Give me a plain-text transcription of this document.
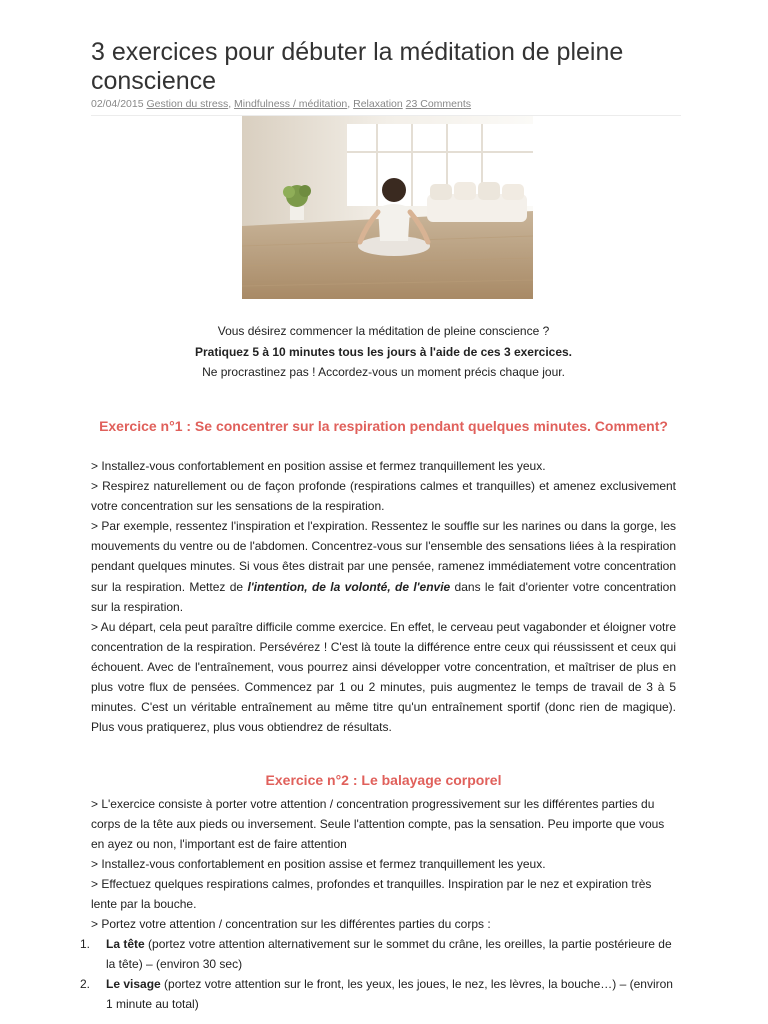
3 exercices pour débuter la méditation de pleine conscience
02/04/2015 Gestion du stress, Mindfulness / méditation, Relaxation 23 Comments

Vous désirez commencer la méditation de pleine conscience ?

Pratiquez 5 à 10 minutes tous les jours à l'aide de ces 3 exercices.

Ne procrastinez pas ! Accordez-vous un moment précis chaque jour.

Exercice n°1 : Se concentrer sur la respiration pendant quelques minutes. Comment?

> Installez-vous confortablement en position assise et fermez tranquillement les yeux.

> Respirez naturellement ou de façon profonde (respirations calmes et tranquilles) et amenez exclusivement votre concentration sur les sensations de la respiration.

> Par exemple, ressentez l'inspiration et l'expiration. Ressentez le souffle sur les narines ou dans la gorge, les mouvements du ventre ou de l'abdomen. Concentrez-vous sur l'ensemble des sensations liées à la respiration pendant quelques minutes. Si vous êtes distrait par une pensée, ramenez immédiatement votre concentration sur la respiration. Mettez de l'intention, de la volonté, de l'envie dans le fait d'orienter votre concentration sur la respiration.

> Au départ, cela peut paraître difficile comme exercice. En effet, le cerveau peut vagabonder et éloigner votre concentration de la respiration. Persévérez ! C'est là toute la différence entre ceux qui réussissent et ceux qui échouent. Avec de l'entraînement, vous pourrez ainsi développer votre concentration, et maîtriser de plus en plus votre flux de pensées. Commencez par 1 ou 2 minutes, puis augmentez le temps de travail de 3 à 5 minutes. C'est un véritable entraînement au même titre qu'un entraînement sportif (donc rien de magique). Plus vous pratiquerez, plus vous obtiendrez de résultats.

Exercice n°2 : Le balayage corporel

> L'exercice consiste à porter votre attention / concentration progressivement sur les différentes parties du corps de la tête aux pieds ou inversement. Seule l'attention compte, pas la sensation. Peu importe que vous en ayez ou non, l'important est de faire attention

> Installez-vous confortablement en position assise et fermez tranquillement les yeux.

> Effectuez quelques respirations calmes, profondes et tranquilles. Inspiration par le nez et expiration très lente par la bouche.

> Portez votre attention / concentration sur les différentes parties du corps :

1. La tête (portez votre attention alternativement sur le sommet du crâne, les oreilles, la partie postérieure de la tête) – (environ 30 sec)
2. Le visage (portez votre attention sur le front, les yeux, les joues, le nez, les lèvres, la bouche…) – (environ 1 minute au total)
